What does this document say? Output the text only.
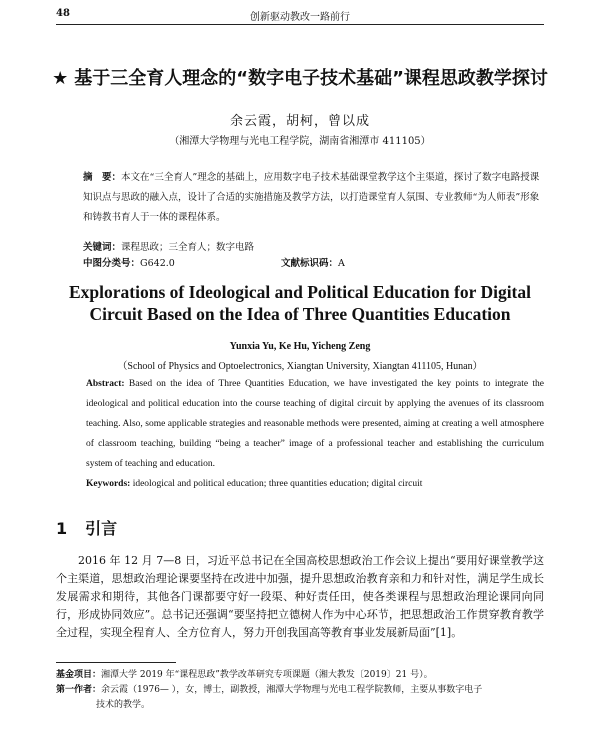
48	创新驱动教改一路前行
★ 基于三全育人理念的“数字电子技术基础”课程思政教学探讨
余云霞，胡柯，曾以成
（湘潭大学物理与光电工程学院，湖南省湘潭市 411105）

摘　要：本文在“三全育人”理念的基础上，应用数字电子技术基础课堂教学这个主渠道，探讨了数字电路授课知识点与思政的融入点，设计了合适的实施措施及教学方法，以打造课堂育人氛围、专业教师“为人师表”形象和铸教书育人于一体的课程体系。

关键词：课程思政；三全育人；数字电路
中图分类号：G642.0	文献标识码：A
Explorations of Ideological and Political Education for Digital Circuit Based on the Idea of Three Quantities Education
Yunxia Yu, Ke Hu, Yicheng Zeng
（School of Physics and Optoelectronics, Xiangtan University, Xiangtan 411105, Hunan）

Abstract: Based on the idea of Three Quantities Education, we have investigated the key points to integrate the ideological and political education into the course teaching of digital circuit by applying the avenues of its classroom teaching. Also, some applicable strategies and reasonable methods were presented, aiming at creating a well atmosphere of classroom teaching, building “being a teacher” image of a professional teacher and establishing the curriculum system of teaching and education.

Keywords: ideological and political education; three quantities education; digital circuit

1 引言
2016 年 12 月 7—8 日，习近平总书记在全国高校思想政治工作会议上提出“要用好课堂教学这个主渠道，思想政治理论课要坚持在改进中加强，提升思想政治教育亲和力和针对性，满足学生成长发展需求和期待，其他各门课都要守好一段渠、种好责任田，使各类课程与思想政治理论课同向同行，形成协同效应”。总书记还强调“要坚持把立德树人作为中心环节，把思想政治工作贯穿教育教学全过程，实现全程育人、全方位育人，努力开创我国高等教育事业发展新局面”[1]。
基金项目：湘潭大学 2019 年“课程思政”教学改革研究专项课题（湘大教发〔2019〕21 号）。
第一作者：余云霞（1976— ），女，博士，副教授，湘潭大学物理与光电工程学院教师，主要从事数字电子
技术的教学。
